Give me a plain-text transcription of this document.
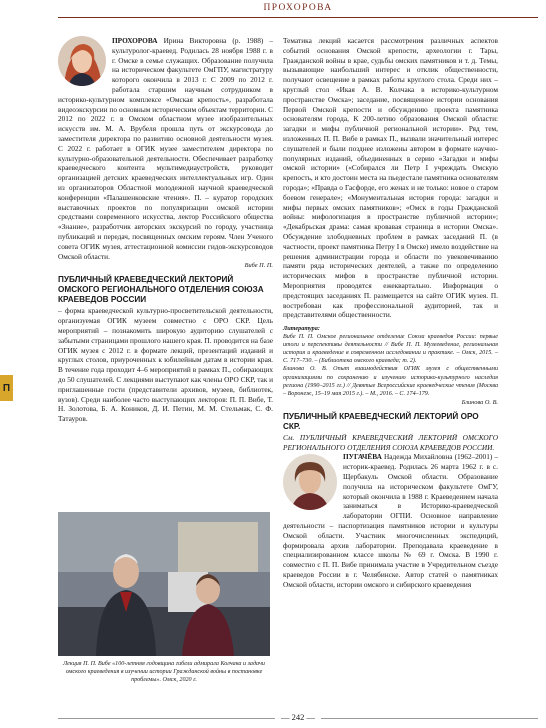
ПРОХОРОВА
П

ПРОХОРОВА Ирина Викторовна (р. 1988) – культуролог-краевед. Родилась 28 ноября 1988 г. в г. Омске в семье служащих. Образование получила на историческом факультете ОмГПУ, магистратуру которого окончила в 2013 г. С 2009 по 2012 г. работала старшим научным сотрудником в историко-культурном комплексе «Омская крепость», разработала видеоэкскурсии по основным историческим объектам территории. С 2012 по 2022 г. в Омском областном музее изобразительных искусств им. М. А. Врубеля прошла путь от экскурсовода до заместителя директора по развитию основной деятельности музея. С 2022 г. работает в ОГИК музее заместителем директора по культурно-образовательной деятельности. Обеспечивает разработку краеведческого контента мультимедиаустройств, руководит организацией детских краеведческих интеллектуальных игр. Один из организаторов Областной молодежной научной краеведческой конференции «Палашенковские чтения». П. – куратор городских выставочных проектов по популяризации омской истории средствами современного искусства, лектор Российского общества «Знание», разработчик авторских экскурсий по городу, участница публикаций и передач, посвященных омским героям. Член Ученого совета ОГИК музея, аттестационной комиссии гидов-экскурсоводов Омской области.

Вибе П. П.
ПУБЛИЧНЫЙ КРАЕВЕДЧЕСКИЙ ЛЕКТОРИЙ ОМСКОГО РЕГИОНАЛЬНОГО ОТДЕЛЕНИЯ СОЮЗА КРАЕВЕДОВ РОССИИ

– форма краеведческой культурно-просветительской деятельности, организуемая ОГИК музеем совместно с ОРО СКР. Цель мероприятий – познакомить широкую аудиторию слушателей с забытыми страницами прошлого нашего края. П. проводится на базе ОГИК музея с 2012 г. в формате лекций, презентаций изданий и круглых столов, приуроченных к юбилейным датам в истории края. В течение года проходит 4–6 мероприятий в рамках П., собирающих до 50 слушателей. С лекциями выступают как члены ОРО СКР, так и приглашенные гости (представители архивов, музеев, библиотек, вузов). Среди наиболее часто выступающих лекторов: П. П. Вибе, Т. Н. Золотова, Б. А. Коников, Д. И. Петин, М. М. Стельмак, С. Ф. Татауров.

Лекция П. П. Вибе «100-летняя годовщина гибели адмирала Колчака и задачи омского краеведения в изучении истории Гражданской войны в постановке проблемы». Омск, 2020 г.

Тематика лекций касается рассмотрения различных аспектов событий основания Омской крепости, археологии г. Тары, Гражданской войны в крае, судьбы омских памятников и т. д. Темы, вызывающие наибольший интерес и отклик общественности, получают освещение в рамках работы круглого стола. Среди них – круглый стол «Икая А. В. Колчака в историко-культурном пространстве Омска»; заседание, посвященное истории основания Первой Омской крепости и обсуждению проекта памятника основателям города, К 200-летию образования Омской области: загадки и мифы публичной региональной истории». Ряд тем, изложенных П. П. Вибе в рамках П., вызвали значительный интерес слушателей и были позднее изложены автором в формате научно-популярных изданий, объединенных в серию «Загадки и мифы омской истории» («Собирался ли Петр I учреждать Омскую крепость, и кто достоин места на пьедестале памятника основателям города»; «Правда о Гасфорде, его женах и не только: новое о старом боевом генерале»; «Монументальная история города: загадки и мифы первых омских памятников»; «Омск в годы Гражданской войны: мифологизация в пространстве публичной истории»; «Декабрьская драма: самая кровавая страница в истории Омска». Обсуждение злободневных проблем в рамках заседаний П. (в частности, проект памятника Петру I в Омске) имело воздействие на решения администрации города и области по увековечиванию памяти ряда исторических деятелей, а также по определению исторических мифов в пространстве публичной истории. Мероприятия проводятся ежеквартально. Информация о предстоящих заседаниях П. размещается на сайте ОГИК музея. П. востребован как профессиональной аудиторией, так и представителями общественности.

Литература:

Вибе П. П. Омское региональное отделение Союза краеведов России: первые итоги и перспективы деятельности // Вибе П. П. Музееведение, региональная история и краеведение в современном исследовании и практике. – Омск, 2015. – С. 717–730. – (Библиотека омского краеведа; т. 2).

Блинова О. В. Опыт взаимодействия ОГИК музея с общественными организациями по сохранению и изучению историко-культурного наследия региона (1990–2015 гг.) // Девятые Всероссийские краеведческие чтения (Москва – Воронеж, 15–19 мая 2015 г.). – М., 2016. – С. 174–179.

Блинова О. В.
ПУБЛИЧНЫЙ КРАЕВЕДЧЕСКИЙ ЛЕКТОРИЙ ОРО СКР.

См. ПУБЛИЧНЫЙ КРАЕВЕДЧЕСКИЙ ЛЕКТОРИЙ ОМСКОГО РЕГИОНАЛЬНОГО ОТДЕЛЕНИЯ СОЮЗА КРАЕВЕДОВ РОССИИ.

ПУГАЧЁВА Надежда Михайловна (1962–2001) – историк-краевед. Родилась 26 марта 1962 г. в с. Щербакуль Омской области. Образование получила на историческом факультете ОмГУ, который окончила в 1988 г. Краеведением начала заниматься в Историко-краеведческой лаборатории ОГПИ. Основное направление деятельности – паспортизация памятников истории и культуры Омской области. Участник многочисленных экспедиций, формировала архив лаборатории. Преподавала краеведение в специализированном классе школы № 69 г. Омска. В 1990 г. совместно с П. П. Вибе принимала участие в Учредительном съезде краеведов России в г. Челябинске. Автор статей о памятниках Омской области, истории омского и сибирского краеведения

— 242 —
